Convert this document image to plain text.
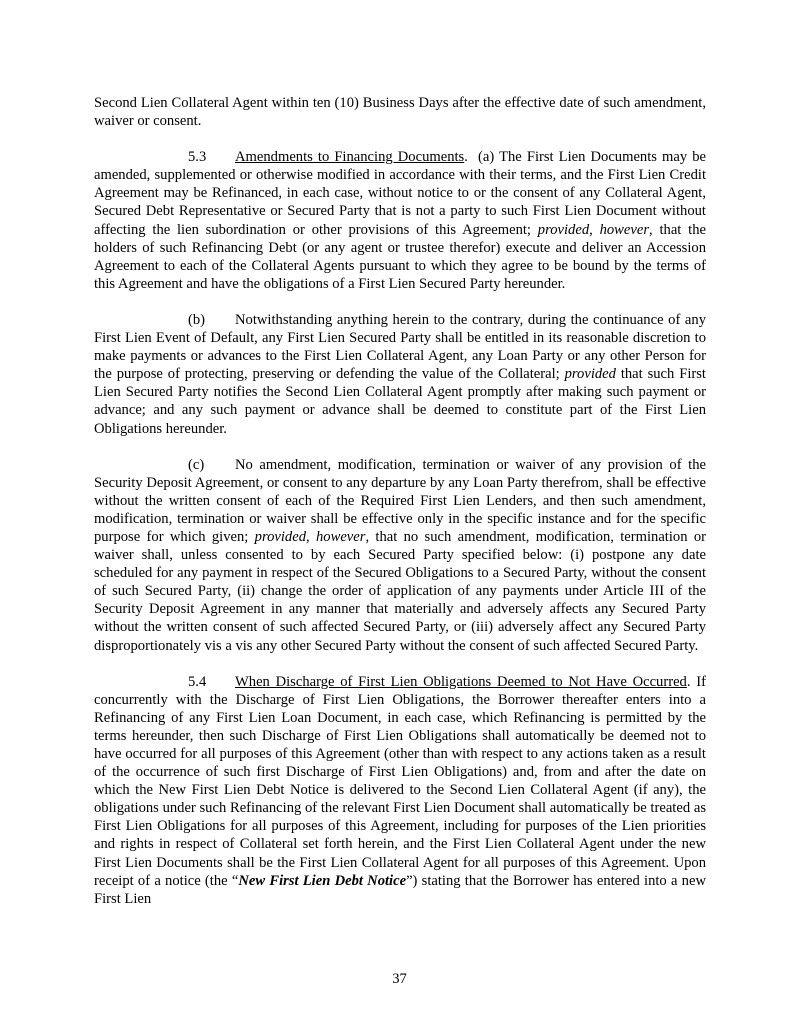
Second Lien Collateral Agent within ten (10) Business Days after the effective date of such amendment, waiver or consent.

5.3 Amendments to Financing Documents. (a) The First Lien Documents may be amended, supplemented or otherwise modified in accordance with their terms, and the First Lien Credit Agreement may be Refinanced, in each case, without notice to or the consent of any Collateral Agent, Secured Debt Representative or Secured Party that is not a party to such First Lien Document without affecting the lien subordination or other provisions of this Agreement; provided, however, that the holders of such Refinancing Debt (or any agent or trustee therefor) execute and deliver an Accession Agreement to each of the Collateral Agents pursuant to which they agree to be bound by the terms of this Agreement and have the obligations of a First Lien Secured Party hereunder.

(b) Notwithstanding anything herein to the contrary, during the continuance of any First Lien Event of Default, any First Lien Secured Party shall be entitled in its reasonable discretion to make payments or advances to the First Lien Collateral Agent, any Loan Party or any other Person for the purpose of protecting, preserving or defending the value of the Collateral; provided that such First Lien Secured Party notifies the Second Lien Collateral Agent promptly after making such payment or advance; and any such payment or advance shall be deemed to constitute part of the First Lien Obligations hereunder.

(c) No amendment, modification, termination or waiver of any provision of the Security Deposit Agreement, or consent to any departure by any Loan Party therefrom, shall be effective without the written consent of each of the Required First Lien Lenders, and then such amendment, modification, termination or waiver shall be effective only in the specific instance and for the specific purpose for which given; provided, however, that no such amendment, modification, termination or waiver shall, unless consented to by each Secured Party specified below: (i) postpone any date scheduled for any payment in respect of the Secured Obligations to a Secured Party, without the consent of such Secured Party, (ii) change the order of application of any payments under Article III of the Security Deposit Agreement in any manner that materially and adversely affects any Secured Party without the written consent of such affected Secured Party, or (iii) adversely affect any Secured Party disproportionately vis a vis any other Secured Party without the consent of such affected Secured Party.

5.4 When Discharge of First Lien Obligations Deemed to Not Have Occurred. If concurrently with the Discharge of First Lien Obligations, the Borrower thereafter enters into a Refinancing of any First Lien Loan Document, in each case, which Refinancing is permitted by the terms hereunder, then such Discharge of First Lien Obligations shall automatically be deemed not to have occurred for all purposes of this Agreement (other than with respect to any actions taken as a result of the occurrence of such first Discharge of First Lien Obligations) and, from and after the date on which the New First Lien Debt Notice is delivered to the Second Lien Collateral Agent (if any), the obligations under such Refinancing of the relevant First Lien Document shall automatically be treated as First Lien Obligations for all purposes of this Agreement, including for purposes of the Lien priorities and rights in respect of Collateral set forth herein, and the First Lien Collateral Agent under the new First Lien Documents shall be the First Lien Collateral Agent for all purposes of this Agreement. Upon receipt of a notice (the “New First Lien Debt Notice”) stating that the Borrower has entered into a new First Lien

37
